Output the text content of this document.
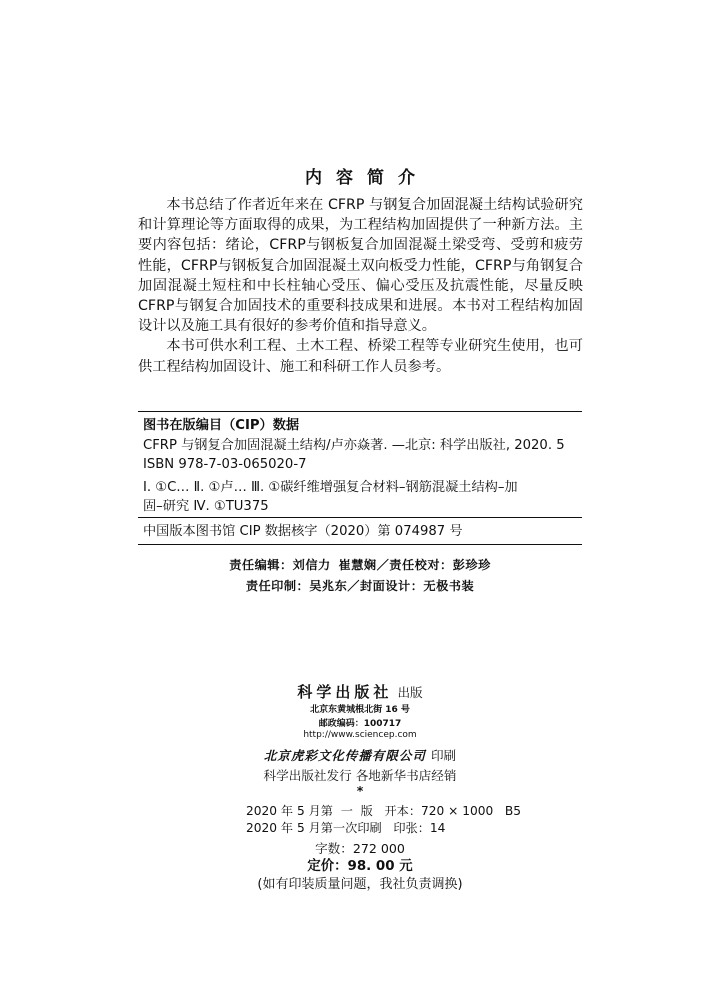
内容简介

本书总结了作者近年来在 CFRP 与钢复合加固混凝土结构试验研究和计算理论等方面取得的成果，为工程结构加固提供了一种新方法。主要内容包括：绪论，CFRP与钢板复合加固混凝土梁受弯、受剪和疲劳性能，CFRP与钢板复合加固混凝土双向板受力性能，CFRP与角钢复合加固混凝土短柱和中长柱轴心受压、偏心受压及抗震性能，尽量反映 CFRP与钢复合加固技术的重要科技成果和进展。本书对工程结构加固设计以及施工具有很好的参考价值和指导意义。

本书可供水利工程、土木工程、桥梁工程等专业研究生使用，也可供工程结构加固设计、施工和科研工作人员参考。

图书在版编目（CIP）数据
CFRP 与钢复合加固混凝土结构/卢亦焱著. —北京: 科学出版社, 2020. 5
ISBN 978-7-03-065020-7
Ⅰ. ①C… Ⅱ. ①卢… Ⅲ. ①碳纤维增强复合材料–钢筋混凝土结构–加
固–研究 Ⅳ. ①TU375
中国版本图书馆 CIP 数据核字（2020）第 074987 号
责任编辑：刘信力 崔慧娴／责任校对：彭珍珍
责任印制：吴兆东／封面设计：无极书装
科学出版社 出版
北京东黄城根北街 16 号
邮政编码：100717
http://www.sciencep.com
北京虎彩文化传播有限公司 印刷
科学出版社发行 各地新华书店经销
*
2020 年 5 月第  一  版   开本：720 × 1000   B5
2020 年 5 月第一次印刷   印张：14
字数：272 000
定价：98. 00 元
(如有印装质量问题，我社负责调换)
